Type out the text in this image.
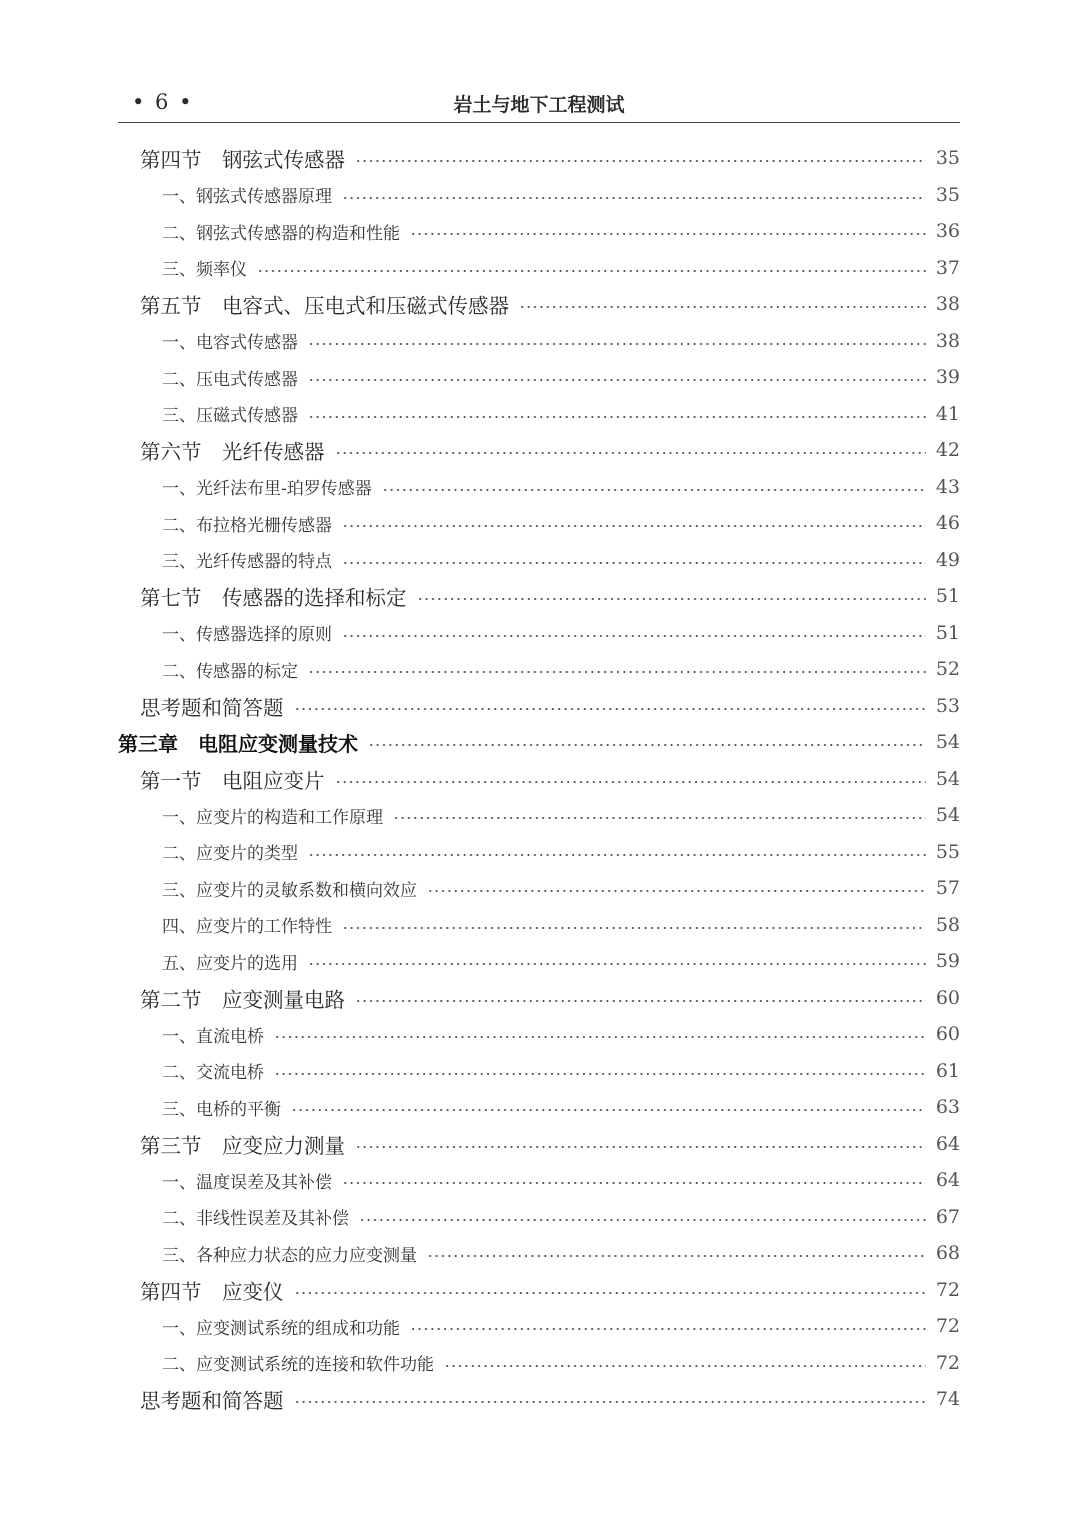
• 6 •	岩土与地下工程测试
第四节　钢弦式传感器	35
一、钢弦式传感器原理	35
二、钢弦式传感器的构造和性能	36
三、频率仪	37
第五节　电容式、压电式和压磁式传感器	38
一、电容式传感器	38
二、压电式传感器	39
三、压磁式传感器	41
第六节　光纤传感器	42
一、光纤法布里-珀罗传感器	43
二、布拉格光栅传感器	46
三、光纤传感器的特点	49
第七节　传感器的选择和标定	51
一、传感器选择的原则	51
二、传感器的标定	52
思考题和简答题	53
第三章　电阻应变测量技术	54
第一节　电阻应变片	54
一、应变片的构造和工作原理	54
二、应变片的类型	55
三、应变片的灵敏系数和横向效应	57
四、应变片的工作特性	58
五、应变片的选用	59
第二节　应变测量电路	60
一、直流电桥	60
二、交流电桥	61
三、电桥的平衡	63
第三节　应变应力测量	64
一、温度误差及其补偿	64
二、非线性误差及其补偿	67
三、各种应力状态的应力应变测量	68
第四节　应变仪	72
一、应变测试系统的组成和功能	72
二、应变测试系统的连接和软件功能	72
思考题和简答题	74
